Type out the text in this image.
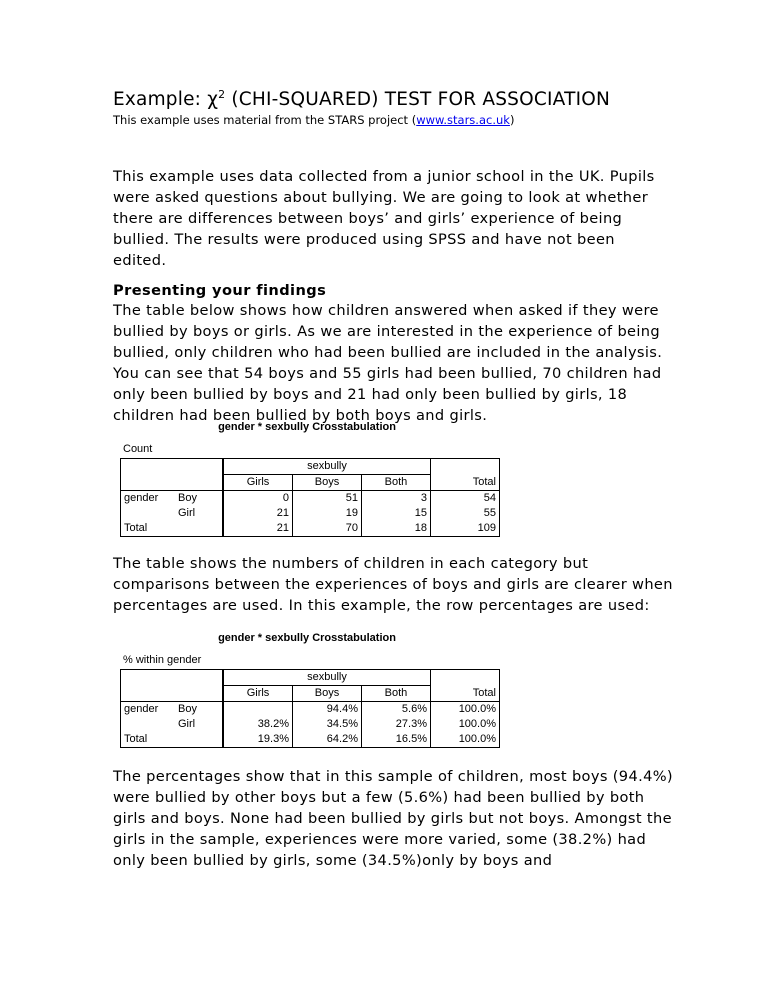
Example: $\chi^2$ (CHI-SQUARED) TEST FOR ASSOCIATION
This example uses material from the STARS project (www.stars.ac.uk)
This example uses data collected from a junior school in the UK. Pupils were asked questions about bullying. We are going to look at whether there are differences between boys’ and girls’ experience of being bullied. The results were produced using SPSS and have not been edited.
Presenting your findings
The table below shows how children answered when asked if they were bullied by boys or girls. As we are interested in the experience of being bullied, only children who had been bullied are included in the analysis. You can see that 54 boys and 55 girls had been bullied, 70 children had only been bullied by boys and 21 had only been bullied by girls, 18 children had been bullied by both boys and girls.
gender * sexbully Crosstabulation
Count
		sexbully			Total
		Girls	Boys	Both	
gender	Boy	0	51	3	54
	Girl	21	19	15	55
Total		21	70	18	109
The table shows the numbers of children in each category but comparisons between the experiences of boys and girls are clearer when percentages are used. In this example, the row percentages are used:
gender * sexbully Crosstabulation
% within gender
		sexbully			Total
		Girls	Boys	Both	
gender	Boy		94.4%	5.6%	100.0%
	Girl	38.2%	34.5%	27.3%	100.0%
Total		19.3%	64.2%	16.5%	100.0%
The percentages show that in this sample of children, most boys (94.4%) were bullied by other boys but a few (5.6%) had been bullied by both girls and boys. None had been bullied by girls but not boys. Amongst the girls in the sample, experiences were more varied, some (38.2%) had only been bullied by girls, some (34.5%)only by boys and
